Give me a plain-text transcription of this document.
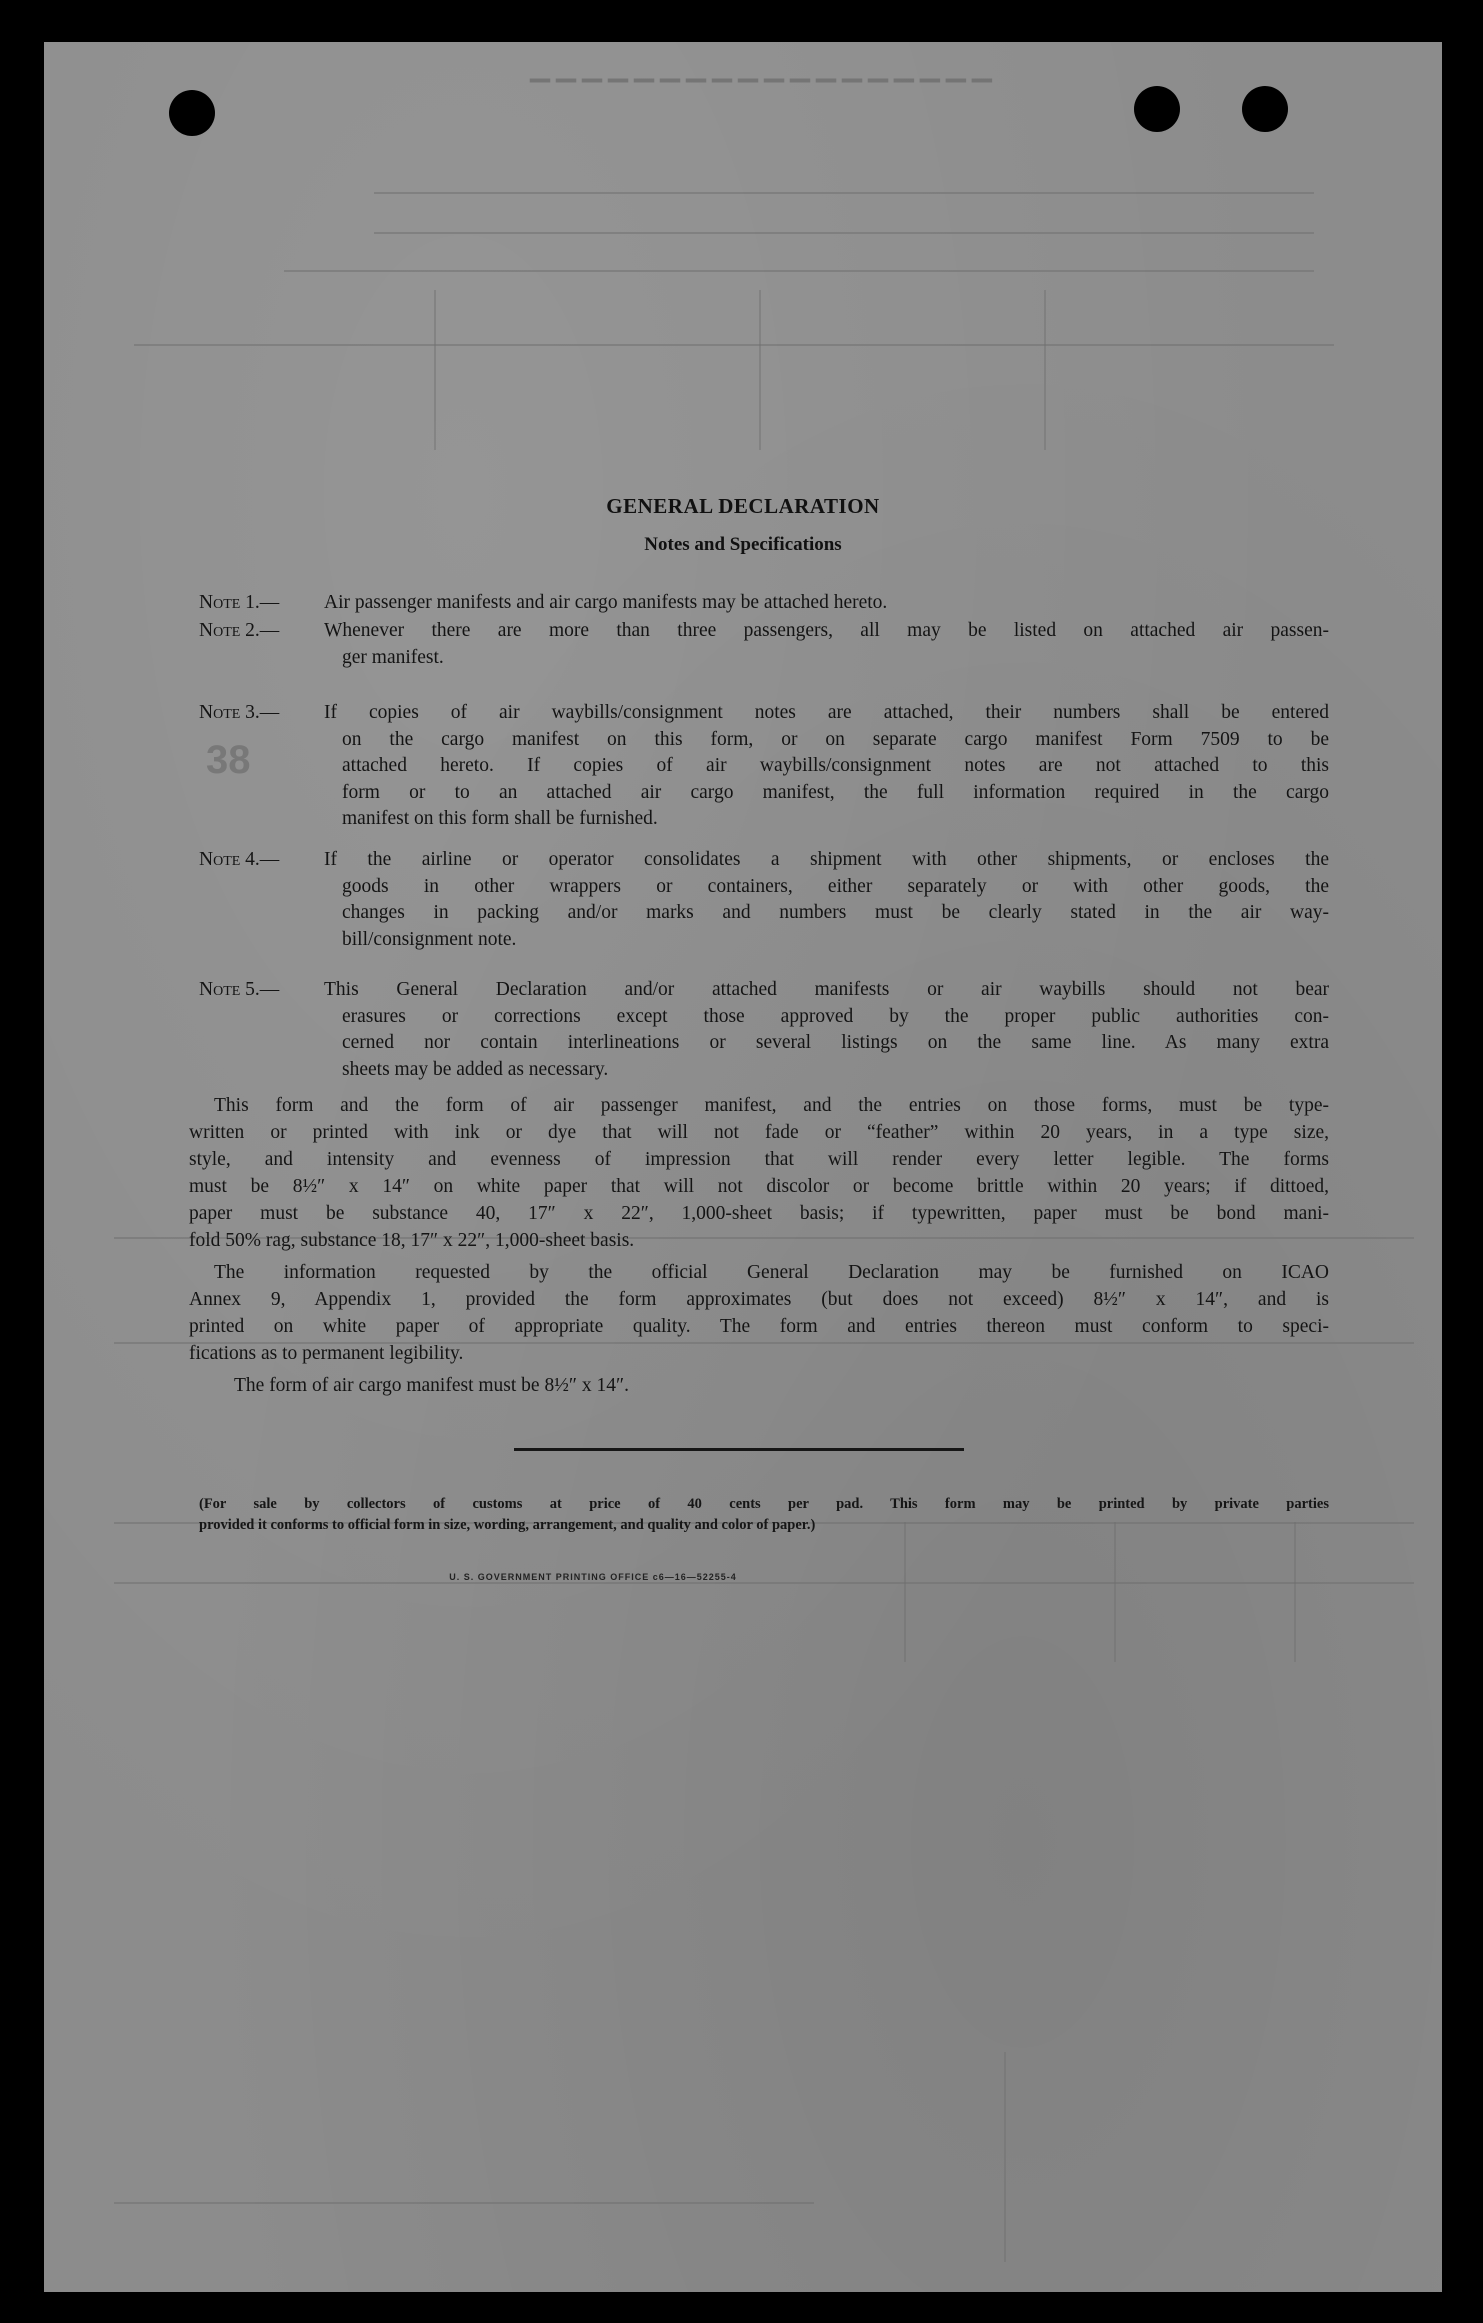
▔▔▔▔▔▔▔▔▔▔▔▔▔▔▔▔▔▔
38
GENERAL DECLARATION
Notes and Specifications
Note 1.— Air passenger manifests and air cargo manifests may be attached hereto.
Note 2.— Whenever there are more than three passengers, all may be listed on attached air passen-
ger manifest.
Note 3.— If copies of air waybills/consignment notes are attached, their numbers shall be entered
on the cargo manifest on this form, or on separate cargo manifest Form 7509 to be
attached hereto. If copies of air waybills/consignment notes are not attached to this
form or to an attached air cargo manifest, the full information required in the cargo
manifest on this form shall be furnished.
Note 4.— If the airline or operator consolidates a shipment with other shipments, or encloses the
goods in other wrappers or containers, either separately or with other goods, the
changes in packing and/or marks and numbers must be clearly stated in the air way-
bill/consignment note.
Note 5.— This General Declaration and/or attached manifests or air waybills should not bear
erasures or corrections except those approved by the proper public authorities con-
cerned nor contain interlineations or several listings on the same line. As many extra
sheets may be added as necessary.
This form and the form of air passenger manifest, and the entries on those forms, must be type-
written or printed with ink or dye that will not fade or “feather” within 20 years, in a type size,
style, and intensity and evenness of impression that will render every letter legible. The forms
must be 8½″ x 14″ on white paper that will not discolor or become brittle within 20 years; if dittoed,
paper must be substance 40, 17″ x 22″, 1,000-sheet basis; if typewritten, paper must be bond mani-
fold 50% rag, substance 18, 17″ x 22″, 1,000-sheet basis.
The information requested by the official General Declaration may be furnished on ICAO
Annex 9, Appendix 1, provided the form approximates (but does not exceed) 8½″ x 14″, and is
printed on white paper of appropriate quality. The form and entries thereon must conform to speci-
fications as to permanent legibility.
The form of air cargo manifest must be 8½″ x 14″.
(For sale by collectors of customs at price of 40 cents per pad. This form may be printed by private parties
provided it conforms to official form in size, wording, arrangement, and quality and color of paper.)
U. S. GOVERNMENT PRINTING OFFICE c6—16—52255-4
